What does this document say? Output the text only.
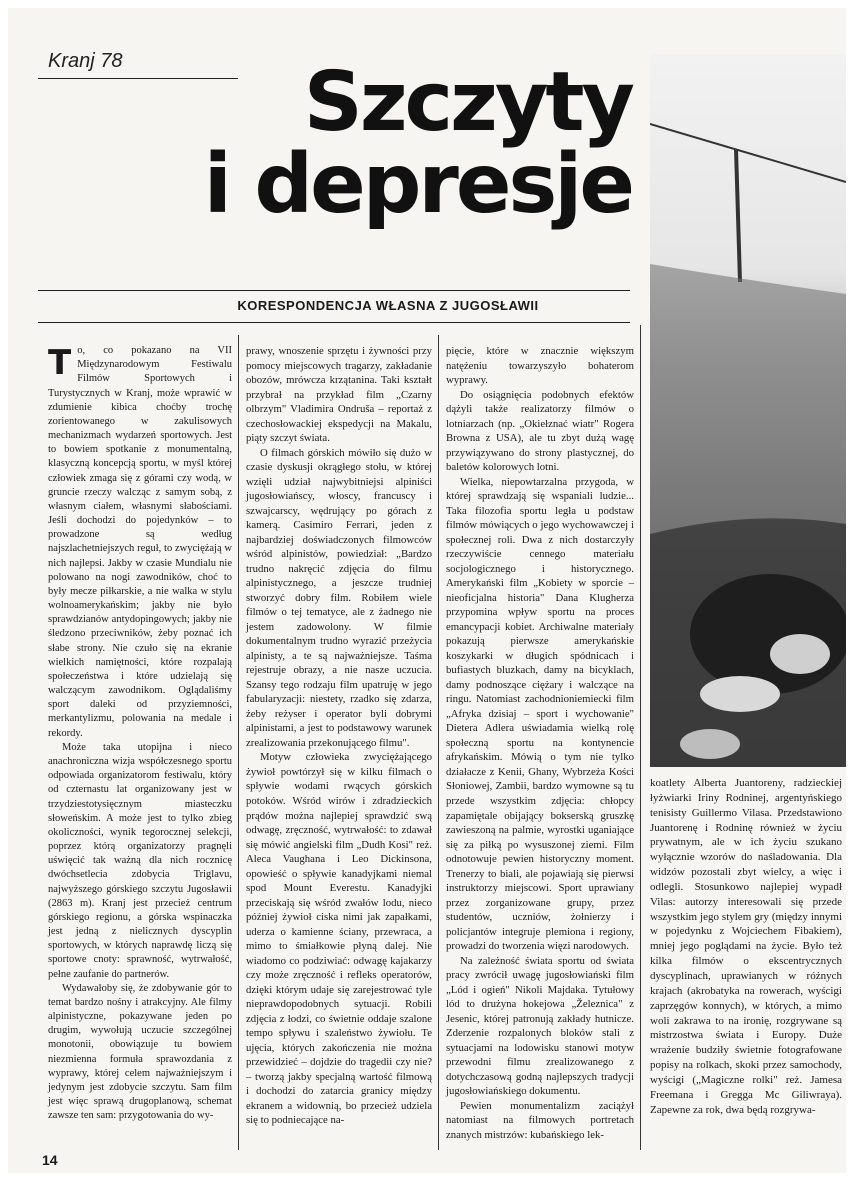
Kranj 78	Szczyty
i depresje
KORESPONDENCJA WŁASNA Z JUGOSŁAWII

To, co pokazano na VII Międzynarodowym Festiwalu Filmów Sportowych i Turystycznych w Kranj, może wprawić w zdumienie kibica choćby trochę zorientowanego w zakulisowych mechanizmach wydarzeń sportowych. Jest to bowiem spotkanie z monumentalną, klasyczną koncepcją sportu, w myśl której człowiek zmaga się z górami czy wodą, w gruncie rzeczy walcząc z samym sobą, z własnym ciałem, własnymi słabościami. Jeśli dochodzi do pojedynków – to prowadzone są według najszlachetniejszych reguł, to zwyciężają w nich najlepsi. Jakby w czasie Mundialu nie polowano na nogi zawodników, choć to były mecze piłkarskie, a nie walka w stylu wolnoamerykańskim; jakby nie było sprawdzianów antydopingowych; jakby nie śledzono przeciwników, żeby poznać ich słabe strony. Nie czuło się na ekranie wielkich namiętności, które rozpalają społeczeństwa i które udzielają się walczącym zawodnikom. Oglądaliśmy sport daleki od przyziemności, merkantylizmu, polowania na medale i rekordy.

Może taka utopijna i nieco anachroniczna wizja współczesnego sportu odpowiada organizatorom festiwalu, który od czternastu lat organizowany jest w trzydziestotysięcznym miasteczku słoweńskim. A może jest to tylko zbieg okoliczności, wynik tegorocznej selekcji, poprzez którą organizatorzy pragnęli uświęcić tak ważną dla nich rocznicę dwóchsetlecia zdobycia Triglavu, najwyższego górskiego szczytu Jugosławii (2863 m). Kranj jest przecież centrum górskiego regionu, a górska wspinaczka jest jedną z nielicznych dyscyplin sportowych, w których naprawdę liczą się sportowe cnoty: sprawność, wytrwałość, pełne zaufanie do partnerów.

Wydawałoby się, że zdobywanie gór to temat bardzo nośny i atrakcyjny. Ale filmy alpinistyczne, pokazywane jeden po drugim, wywołują uczucie szczególnej monotonii, obowiązuje tu bowiem niezmienna formuła sprawozdania z wyprawy, której celem najważniejszym i jedynym jest zdobycie szczytu. Sam film jest więc sprawą drugoplanową, schemat zawsze ten sam: przygotowania do wy-

prawy, wnoszenie sprzętu i żywności przy pomocy miejscowych tragarzy, zakładanie obozów, mrówcza krzątanina. Taki kształt przybrał na przykład film „Czarny olbrzym" Vladimira Ondruša – reportaż z czechosłowackiej ekspedycji na Makalu, piąty szczyt świata.

O filmach górskich mówiło się dużo w czasie dyskusji okrągłego stołu, w której wzięli udział najwybitniejsi alpiniści jugosłowiańscy, włoscy, francuscy i szwajcarscy, wędrujący po górach z kamerą. Casimiro Ferrari, jeden z najbardziej doświadczonych filmowców wśród alpinistów, powiedział: „Bardzo trudno nakręcić zdjęcia do filmu alpinistycznego, a jeszcze trudniej stworzyć dobry film. Robiłem wiele filmów o tej tematyce, ale z żadnego nie jestem zadowolony. W filmie dokumentalnym trudno wyrazić przeżycia alpinisty, a te są najważniejsze. Taśma rejestruje obrazy, a nie nasze uczucia. Szansy tego rodzaju film upatruję w jego fabularyzacji: niestety, rzadko się zdarza, żeby reżyser i operator byli dobrymi alpinistami, a jest to podstawowy warunek zrealizowania przekonującego filmu".

Motyw człowieka zwyciężającego żywioł powtórzył się w kilku filmach o spływie wodami rwących górskich potoków. Wśród wirów i zdradzieckich prądów można najlepiej sprawdzić swą odwagę, zręczność, wytrwałość: to zdawał się mówić angielski film „Dudh Kosi" reż. Aleca Vaughana i Leo Dickinsona, opowieść o spływie kanadyjkami niemal spod Mount Everestu. Kanadyjki przeciskają się wśród zwałów lodu, nieco później żywioł ciska nimi jak zapałkami, uderza o kamienne ściany, przewraca, a mimo to śmiałkowie płyną dalej. Nie wiadomo co podziwiać: odwagę kajakarzy czy może zręczność i refleks operatorów, dzięki którym udaje się zarejestrować tyle nieprawdopodobnych sytuacji. Robili zdjęcia z łodzi, co świetnie oddaje szalone tempo spływu i szaleństwo żywiołu. Te ujęcia, których zakończenia nie można przewidzieć – dojdzie do tragedii czy nie? – tworzą jakby specjalną wartość filmową i dochodzi do zatarcia granicy między ekranem a widownią, bo przecież udziela się to podniecające na-

pięcie, które w znacznie większym natężeniu towarzyszyło bohaterom wyprawy.

Do osiągnięcia podobnych efektów dążyli także realizatorzy filmów o lotniarzach (np. „Okiełznać wiatr" Rogera Browna z USA), ale tu zbyt dużą wagę przywiązywano do strony plastycznej, do baletów kolorowych lotni.

Wielka, niepowtarzalna przygoda, w której sprawdzają się wspaniali ludzie... Taka filozofia sportu legła u podstaw filmów mówiących o jego wychowawczej i społecznej roli. Dwa z nich dostarczyły rzeczywiście cennego materiału socjologicznego i historycznego. Amerykański film „Kobiety w sporcie – nieoficjalna historia" Dana Klugherza przypomina wpływ sportu na proces emancypacji kobiet. Archiwalne materiały pokazują pierwsze amerykańskie koszykarki w długich spódnicach i bufiastych bluzkach, damy na bicyklach, damy podnoszące ciężary i walczące na ringu. Natomiast zachodnioniemiecki film „Afryka dzisiaj – sport i wychowanie" Dietera Adlera uświadamia wielką rolę społeczną sportu na kontynencie afrykańskim. Mówią o tym nie tylko działacze z Kenii, Ghany, Wybrzeża Kości Słoniowej, Zambii, bardzo wymowne są tu przede wszystkim zdjęcia: chłopcy zapamiętale obijający bokserską gruszkę zawieszoną na palmie, wyrostki uganiające się za piłką po wysuszonej ziemi. Film odnotowuje pewien historyczny moment. Trenerzy to biali, ale pojawiają się pierwsi instruktorzy miejscowi. Sport uprawiany przez zorganizowane grupy, przez studentów, uczniów, żołnierzy i policjantów integruje plemiona i regiony, prowadzi do tworzenia więzi narodowych.

Na zależność świata sportu od świata pracy zwrócił uwagę jugosłowiański film „Lód i ogień" Nikoli Majdaka. Tytułowy lód to drużyna hokejowa „Železnica" z Jesenic, której patronują zakłady hutnicze. Zderzenie rozpalonych bloków stali z sytuacjami na lodowisku stanowi motyw przewodni filmu zrealizowanego z dotychczasową godną najlepszych tradycji jugosłowiańskiego dokumentu.

Pewien monumentalizm zaciążył natomiast na filmowych portretach znanych mistrzów: kubańskiego lek-

koatlety Alberta Juantoreny, radzieckiej łyżwiarki Iriny Rodninej, argentyńskiego tenisisty Guillermo Vilasa. Przedstawiono Juantorenę i Rodninę również w życiu prywatnym, ale w ich życiu szukano wyłącznie wzorów do naśladowania. Dla widzów pozostali zbyt wielcy, a więc i odlegli. Stosunkowo najlepiej wypadł Vilas: autorzy interesowali się przede wszystkim jego stylem gry (między innymi w pojedynku z Wojciechem Fibakiem), mniej jego poglądami na życie. Było też kilka filmów o ekscentrycznych dyscyplinach, uprawianych w różnych krajach (akrobatyka na rowerach, wyścigi zaprzęgów konnych), w których, a mimo woli zakrawa to na ironię, rozgrywane są mistrzostwa świata i Europy. Duże wrażenie budziły świetnie fotografowane popisy na rolkach, skoki przez samochody, wyścigi („Magiczne rolki" reż. Jamesa Freemana i Gregga Mc Giliwraya). Zapewne za rok, dwa będą rozgrywa-

14
